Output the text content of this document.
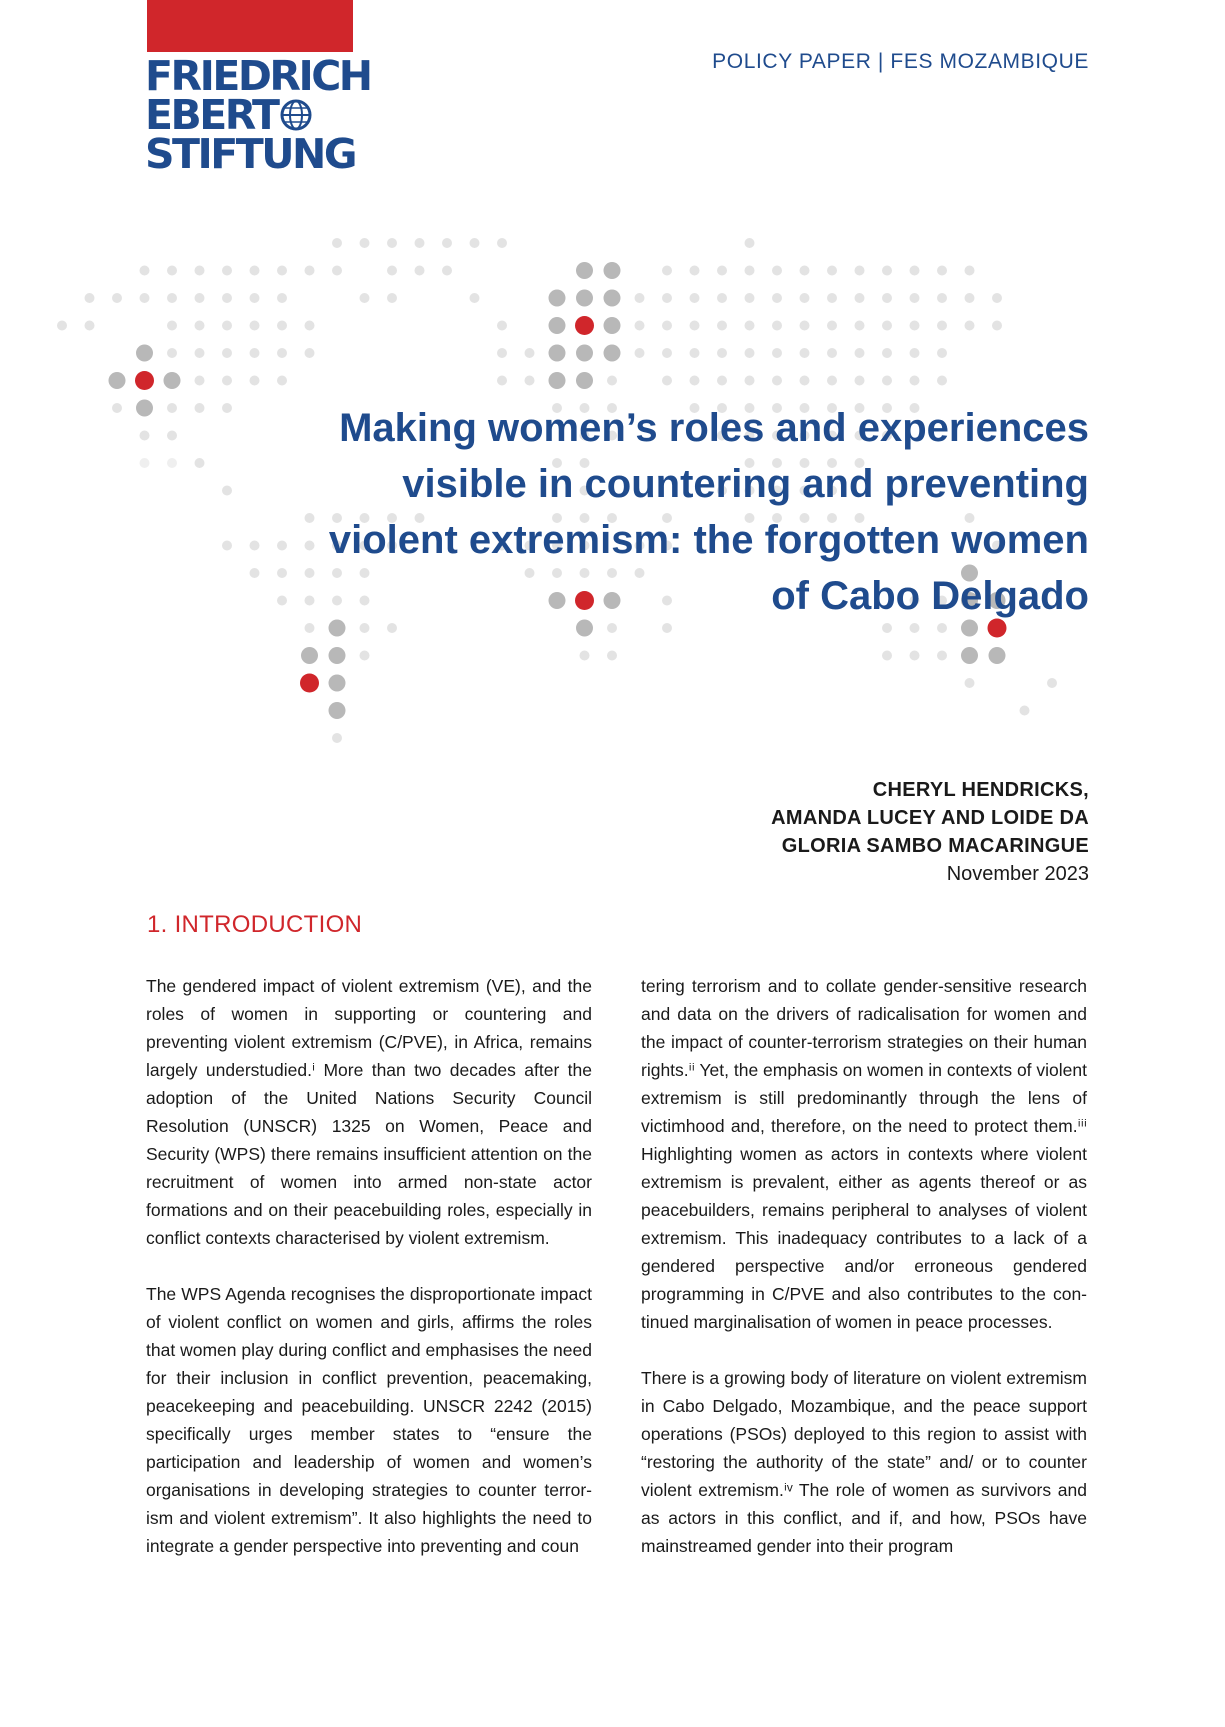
FRIEDRICH
EBERT
STIFTUNG
POLICY PAPER | FES MOZAMBIQUE
Making women’s roles and experiences
visible in countering and preventing
violent extremism: the forgotten women
of Cabo Delgado
CHERYL HENDRICKS,
AMANDA LUCEY AND LOIDE DA
GLORIA SAMBO MACARINGUE
November 2023
1. INTRODUCTION

The gendered impact of violent extremism (VE), and the roles of women in supporting or countering and preventing violent extremism (C/PVE), in Africa, remains largely understudied.ⁱ More than two decades after the adoption of the United Nations Security Council Resolution (UNSCR) 1325 on Women, Peace and Security (WPS) there remains insufficient attention on the recruitment of women into armed non-state actor formations and on their peacebuilding roles, especially in conflict contexts characterised by violent extremism.

The WPS Agenda recognises the disproportionate impact of violent conflict on women and girls, affirms the roles that women play during conflict and emphasises the need for their inclusion in conflict prevention, peacemaking, peacekeeping and peacebuilding. UNSCR 2242 (2015) specifically urges member states to “ensure the participation and leadership of women and women’s organisations in developing strategies to counter terrorism and violent extremism”. It also highlights the need to integrate a gender perspective into preventing and coun

tering terrorism and to collate gender-sensitive research and data on the drivers of radicalisation for women and the impact of counter-terrorism strategies on their human rights.ⁱⁱ Yet, the emphasis on women in contexts of violent extremism is still predominantly through the lens of victimhood and, therefore, on the need to protect them.ⁱⁱⁱ Highlighting women as actors in contexts where violent extremism is prevalent, either as agents thereof or as peacebuilders, remains peripheral to analyses of violent extremism. This inadequacy contributes to a lack of a gendered perspective and/or erroneous gendered programming in C/PVE and also contributes to the continued marginalisation of women in peace processes.

There is a growing body of literature on violent extremism in Cabo Delgado, Mozambique, and the peace support operations (PSOs) deployed to this region to assist with “restoring the authority of the state” and/ or to counter violent extremism.ⁱᵛ The role of women as survivors and as actors in this conflict, and if, and how, PSOs have mainstreamed gender into their program
